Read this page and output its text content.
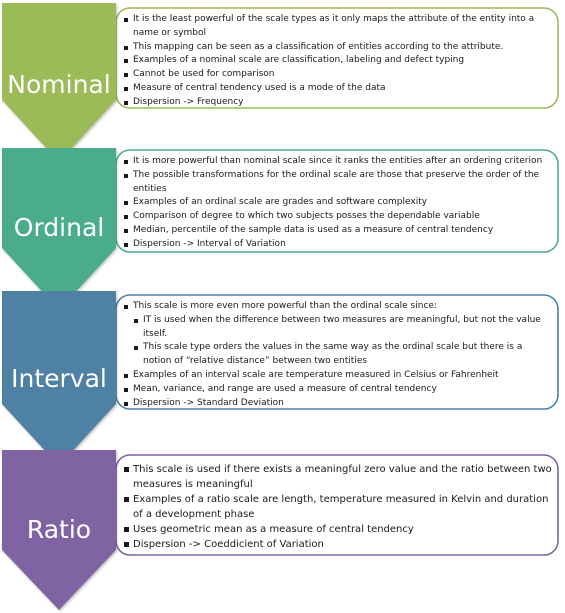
Nominal
Ordinal
Interval
Ratio
It is the least powerful of the scale types as it only maps the attribute of the entity into a name or symbol
This mapping can be seen as a classification of entities according to the attribute.
Examples of a nominal scale are classification, labeling and defect typing
Cannot be used for comparison
Measure of central tendency used is a mode of the data
Dispersion -> Frequency
It is more powerful than nominal scale since it ranks the entities after an ordering criterion
The possible transformations for the ordinal scale are those that preserve the order of the entities
Examples of an ordinal scale are grades and software complexity
Comparison of degree to which two subjects posses the dependable variable
Median, percentile of the sample data is used as a measure of central tendency
Dispersion -> Interval of Variation
This scale is more even more powerful than the ordinal scale since:
IT is used when the difference between two measures are meaningful, but not the value itself.
This scale type orders the values in the same way as the ordinal scale but there is a notion of “relative distance” between two entities
Examples of an interval scale are temperature measured in Celsius or Fahrenheit
Mean, variance, and range are used a measure of central tendency
Dispersion -> Standard Deviation
This scale is used if there exists a meaningful zero value and the ratio between two measures is meaningful
Examples of a ratio scale are length, temperature measured in Kelvin and duration of a development phase
Uses geometric mean as a measure of central tendency
Dispersion -> Coeddicient of Variation
